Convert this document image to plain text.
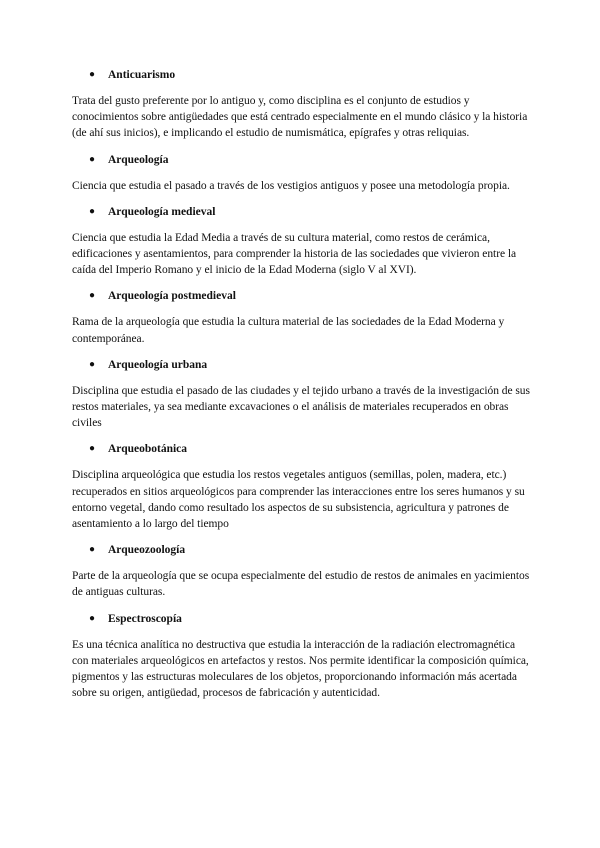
● Anticuarismo

Trata del gusto preferente por lo antiguo y, como disciplina es el conjunto de estudios y conocimientos sobre antigüedades que está centrado especialmente en el mundo clásico y la historia (de ahí sus inicios), e implicando el estudio de numismática, epígrafes y otras reliquias.

● Arqueología

Ciencia que estudia el pasado a través de los vestigios antiguos y posee una metodología propia.

● Arqueología medieval

Ciencia que estudia la Edad Media a través de su cultura material, como restos de cerámica, edificaciones y asentamientos, para comprender la historia de las sociedades que vivieron entre la caída del Imperio Romano y el inicio de la Edad Moderna (siglo V al XVI).

● Arqueología postmedieval

Rama de la arqueología que estudia la cultura material de las sociedades de la Edad Moderna y contemporánea.

● Arqueología urbana

Disciplina que estudia el pasado de las ciudades y el tejido urbano a través de la investigación de sus restos materiales, ya sea mediante excavaciones o el análisis de materiales recuperados en obras civiles

● Arqueobotánica

Disciplina arqueológica que estudia los restos vegetales antiguos (semillas, polen, madera, etc.) recuperados en sitios arqueológicos para comprender las interacciones entre los seres humanos y su entorno vegetal, dando como resultado los aspectos de su subsistencia, agricultura y patrones de asentamiento a lo largo del tiempo

● Arqueozoología

Parte de la arqueología que se ocupa especialmente del estudio de restos de animales en yacimientos de antiguas culturas.

● Espectroscopía

Es una técnica analítica no destructiva que estudia la interacción de la radiación electromagnética con materiales arqueológicos en artefactos y restos. Nos permite identificar la composición química, pigmentos y las estructuras moleculares de los objetos, proporcionando información más acertada sobre su origen, antigüedad, procesos de fabricación y autenticidad.
